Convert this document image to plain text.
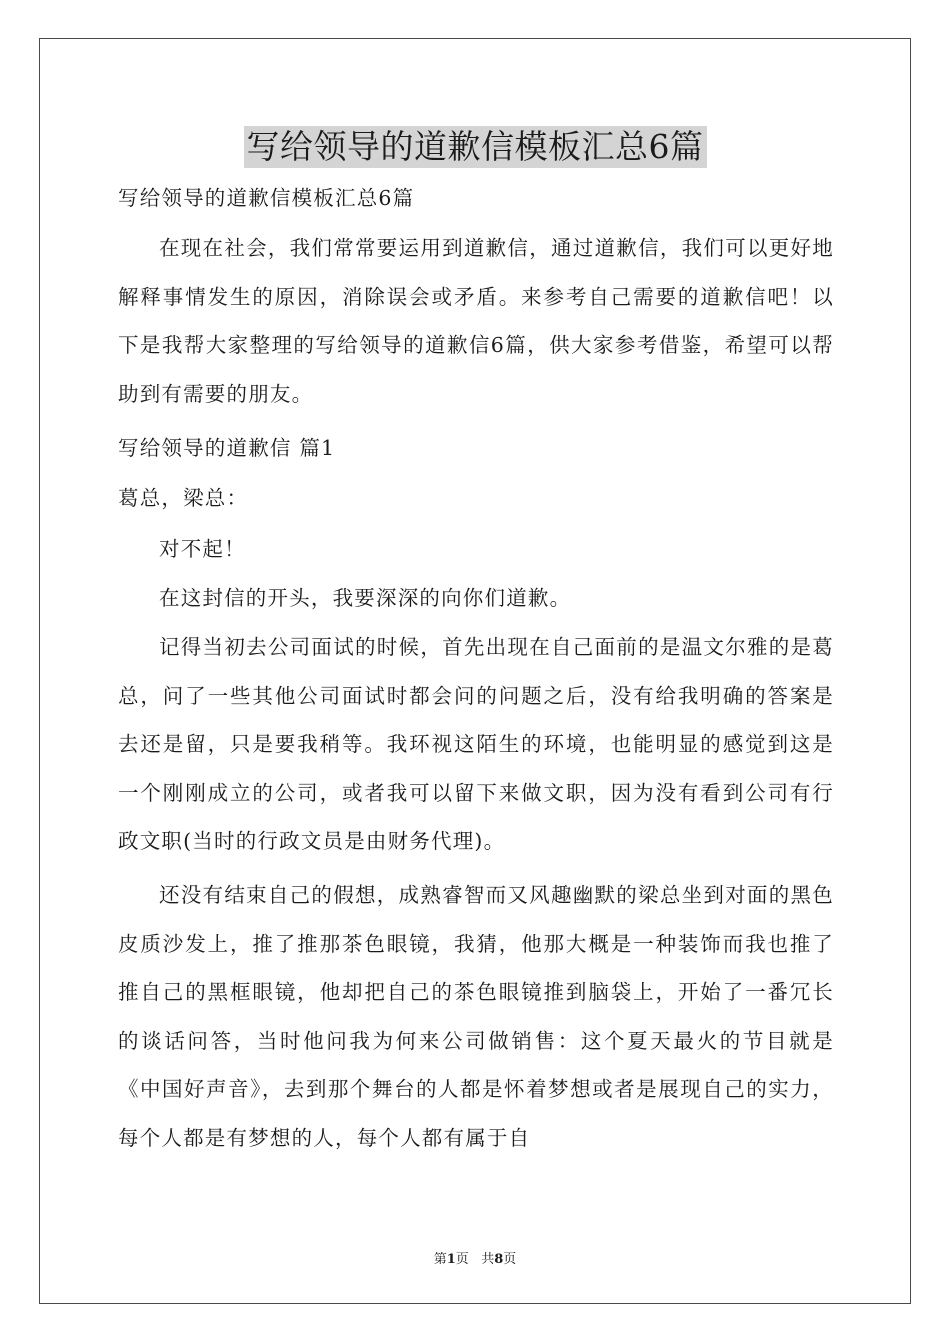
写给领导的道歉信模板汇总6篇

写给领导的道歉信模板汇总6篇

在现在社会，我们常常要运用到道歉信，通过道歉信，我们可以更好地解释事情发生的原因，消除误会或矛盾。来参考自己需要的道歉信吧！以下是我帮大家整理的写给领导的道歉信6篇，供大家参考借鉴，希望可以帮助到有需要的朋友。

写给领导的道歉信 篇1

葛总，梁总：

对不起！

在这封信的开头，我要深深的向你们道歉。

记得当初去公司面试的时候，首先出现在自己面前的是温文尔雅的是葛总，问了一些其他公司面试时都会问的问题之后，没有给我明确的答案是去还是留，只是要我稍等。我环视这陌生的环境，也能明显的感觉到这是一个刚刚成立的公司，或者我可以留下来做文职，因为没有看到公司有行政文职(当时的行政文员是由财务代理)。

还没有结束自己的假想，成熟睿智而又风趣幽默的梁总坐到对面的黑色皮质沙发上，推了推那茶色眼镜，我猜，他那大概是一种装饰而我也推了推自己的黑框眼镜，他却把自己的茶色眼镜推到脑袋上，开始了一番冗长的谈话问答，当时他问我为何来公司做销售：这个夏天最火的节目就是《中国好声音》，去到那个舞台的人都是怀着梦想或者是展现自己的实力，每个人都是有梦想的人，每个人都有属于自

第1页   共8页
